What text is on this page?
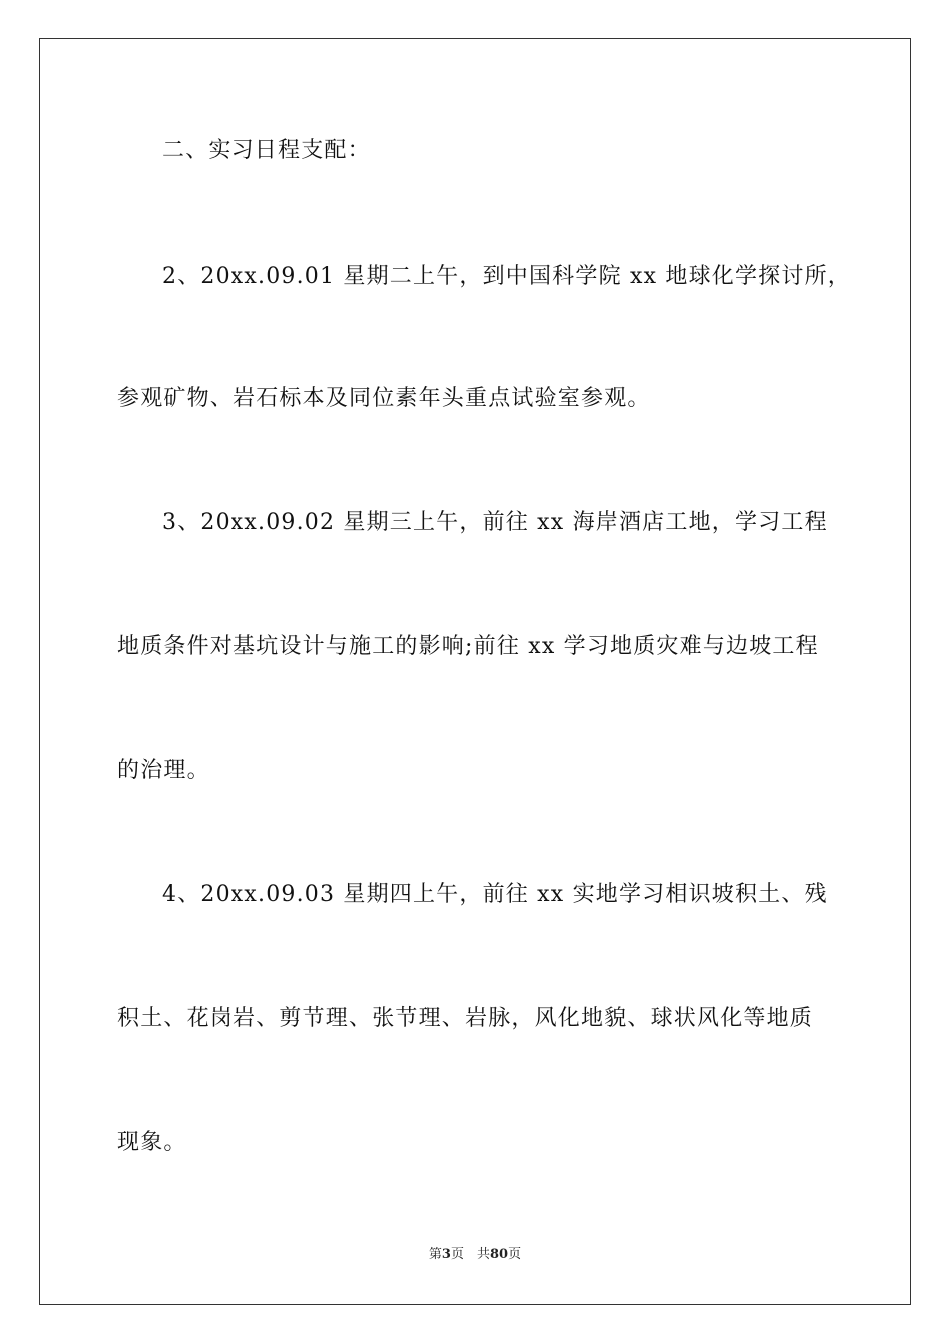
二、实习日程支配：
2、20xx.09.01 星期二上午，到中国科学院 xx 地球化学探讨所，
参观矿物、岩石标本及同位素年头重点试验室参观。
3、20xx.09.02 星期三上午，前往 xx 海岸酒店工地，学习工程
地质条件对基坑设计与施工的影响;前往 xx 学习地质灾难与边坡工程
的治理。
4、20xx.09.03 星期四上午，前往 xx 实地学习相识坡积土、残
积土、花岗岩、剪节理、张节理、岩脉，风化地貌、球状风化等地质
现象。
第3页　共80页
